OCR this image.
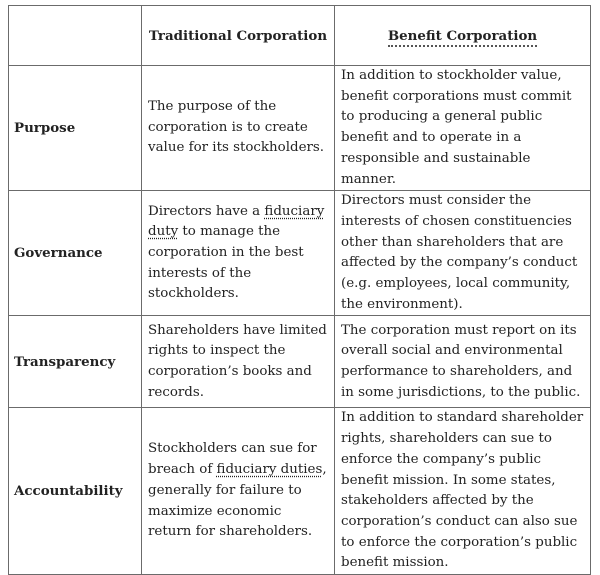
	Traditional Corporation	Benefit Corporation
Purpose	The purpose of the corporation is to create value for its stockholders.	In addition to stockholder value, benefit corporations must commit to producing a general public benefit and to operate in a responsible and sustainable manner.
Governance	Directors have a fiduciary duty to manage the corporation in the best interests of the stockholders.	Directors must consider the interests of chosen constituencies other than shareholders that are affected by the company’s conduct (e.g. employees, local community, the environment).
Transparency	Shareholders have limited rights to inspect the corporation’s books and records.	The corporation must report on its overall social and environmental performance to shareholders, and in some jurisdictions, to the public.
Accountability	Stockholders can sue for breach of fiduciary duties, generally for failure to maximize economic return for shareholders.	In addition to standard shareholder rights, shareholders can sue to enforce the company’s public benefit mission. In some states, stakeholders affected by the corporation’s conduct can also sue to enforce the corporation’s public benefit mission.
